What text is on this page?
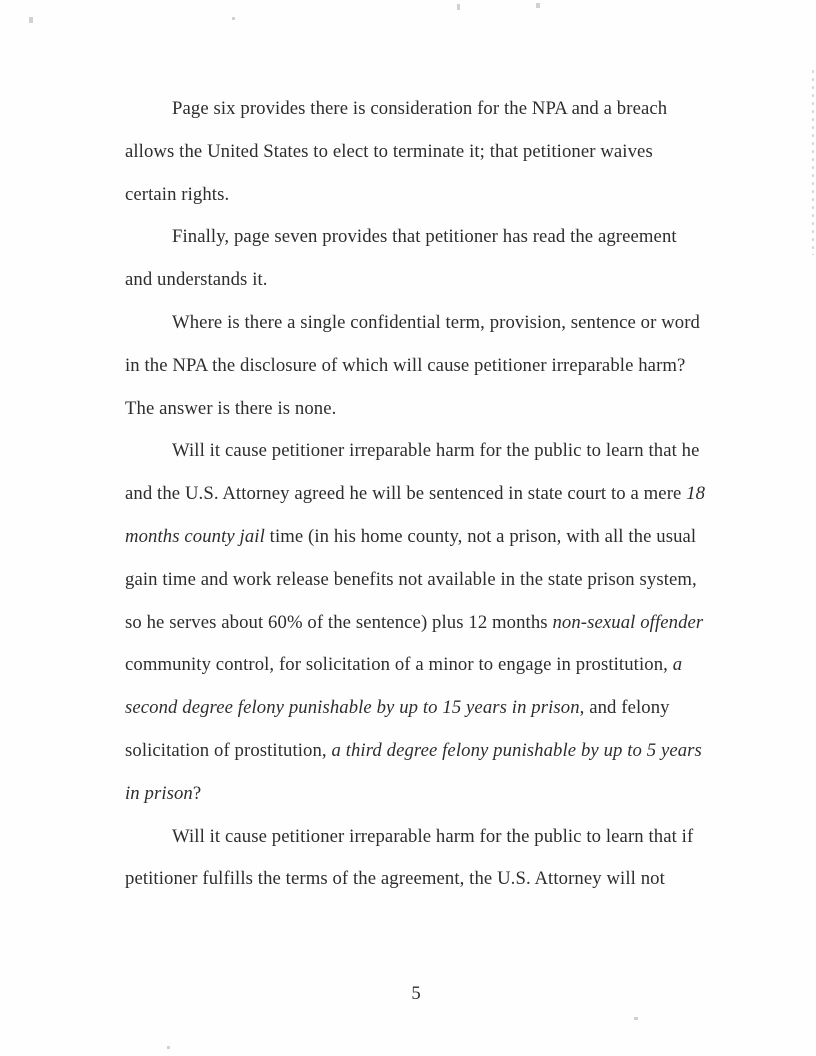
Page six provides there is consideration for the NPA and a breach allows the United States to elect to terminate it; that petitioner waives certain rights.

Finally, page seven provides that petitioner has read the agreement and understands it.

Where is there a single confidential term, provision, sentence or word in the NPA the disclosure of which will cause petitioner irreparable harm? The answer is there is none.

Will it cause petitioner irreparable harm for the public to learn that he and the U.S. Attorney agreed he will be sentenced in state court to a mere 18 months county jail time (in his home county, not a prison, with all the usual gain time and work release benefits not available in the state prison system, so he serves about 60% of the sentence) plus 12 months non-sexual offender community control, for solicitation of a minor to engage in prostitution, a second degree felony punishable by up to 15 years in prison, and felony solicitation of prostitution, a third degree felony punishable by up to 5 years in prison?

Will it cause petitioner irreparable harm for the public to learn that if petitioner fulfills the terms of the agreement, the U.S. Attorney will not

5
